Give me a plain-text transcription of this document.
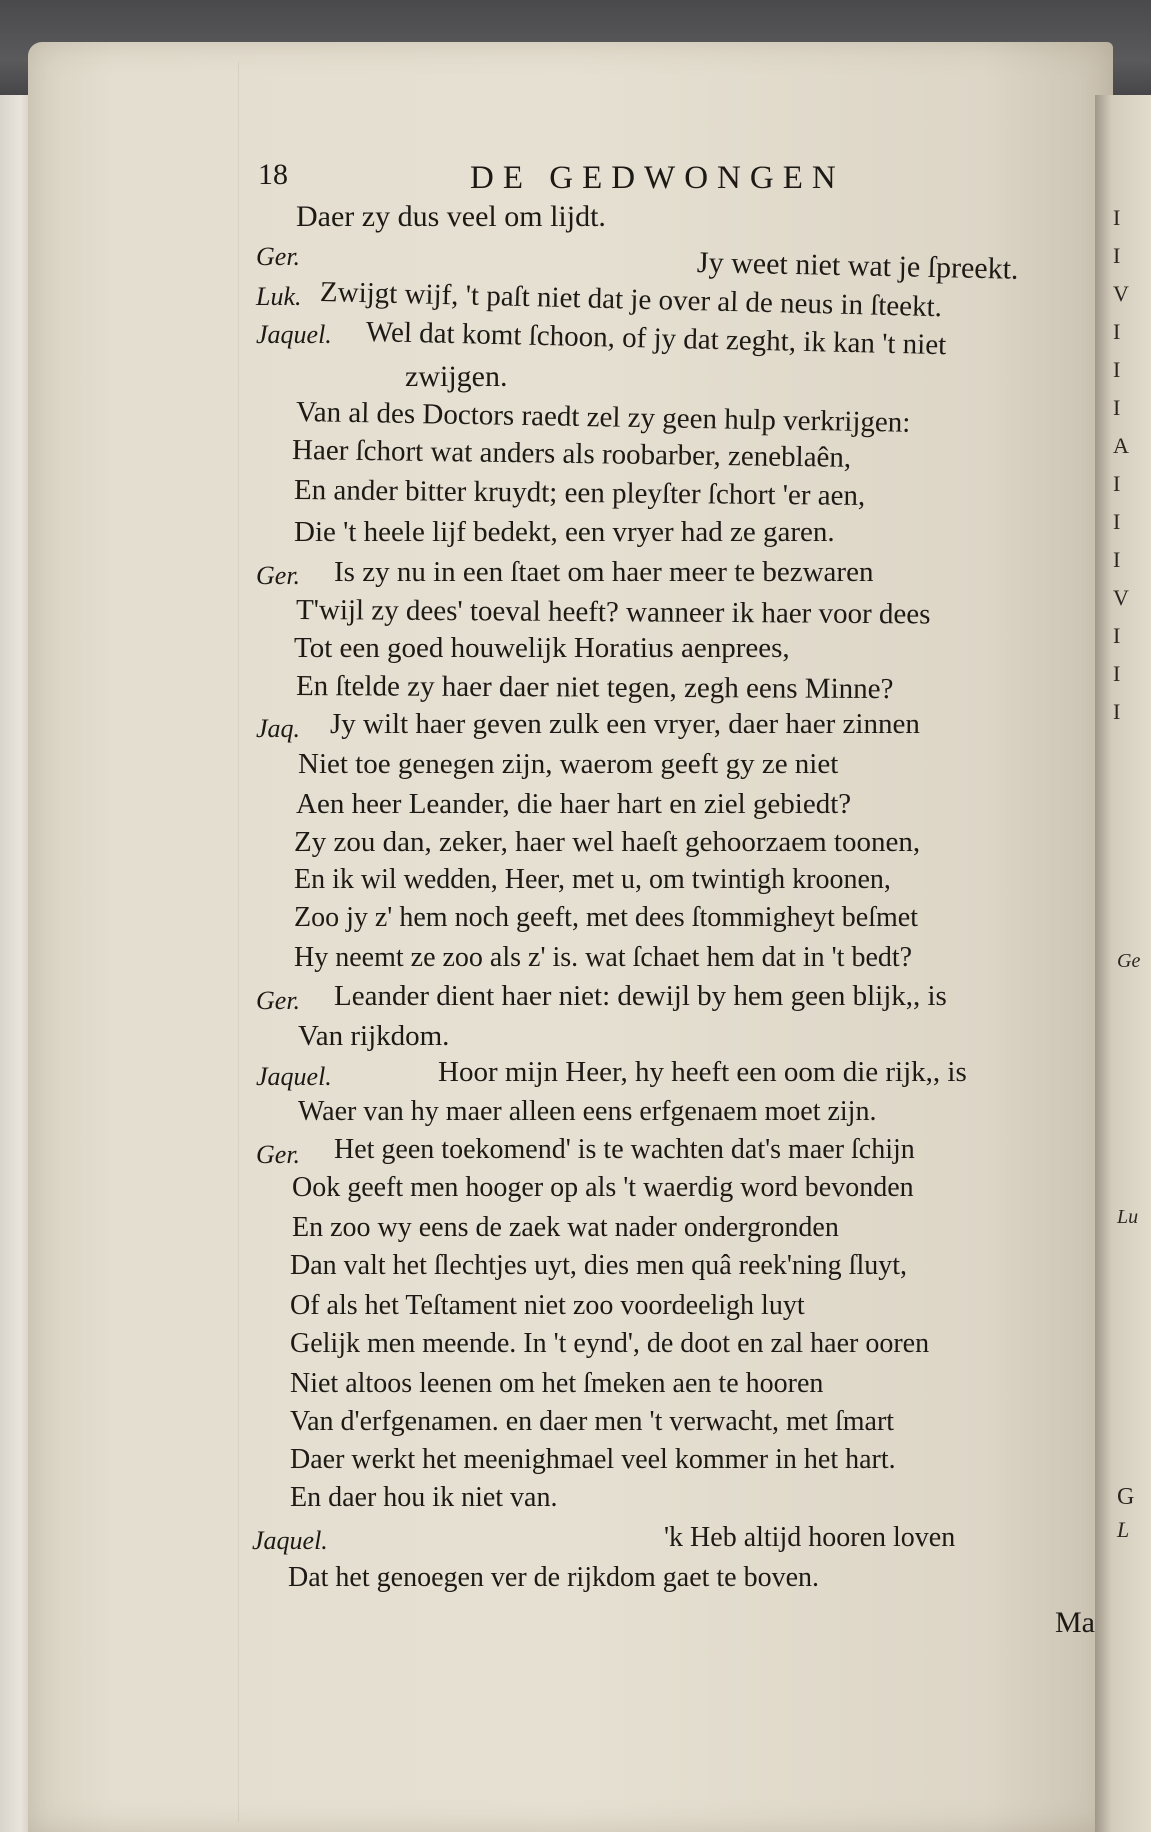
I
I
V
I
I
I
A
I
I
I
V
I
I
I
Ge
Lu
G
L
18	DE GEDWONGEN
Daer zy dus veel om lijdt.
Ger.	Jy weet niet wat je ſpreekt.
Luk. Zwijgt wijf, 't paſt niet dat je over al de neus in ſteekt.
Jaquel. Wel dat komt ſchoon, of jy dat zeght, ik kan 't niet
zwijgen.
Van al des Doctors raedt zel zy geen hulp verkrijgen:
Haer ſchort wat anders als roobarber, zeneblaên,
En ander bitter kruydt; een pleyſter ſchort 'er aen,
Die 't heele lijf bedekt, een vryer had ze garen.
Ger. Is zy nu in een ſtaet om haer meer te bezwaren
T'wijl zy dees' toeval heeft? wanneer ik haer voor dees
Tot een goed houwelijk Horatius aenprees,
En ſtelde zy haer daer niet tegen, zegh eens Minne?
Jaq. Jy wilt haer geven zulk een vryer, daer haer zinnen
Niet toe genegen zijn, waerom geeft gy ze niet
Aen heer Leander, die haer hart en ziel gebiedt?
Zy zou dan, zeker, haer wel haeſt gehoorzaem toonen,
En ik wil wedden, Heer, met u, om twintigh kroonen,
Zoo jy z' hem noch geeft, met dees ſtommigheyt beſmet
Hy neemt ze zoo als z' is. wat ſchaet hem dat in 't bedt?
Ger. Leander dient haer niet: dewijl by hem geen blijk,, is
Van rijkdom.
Jaquel.	Hoor mijn Heer, hy heeft een oom die rijk,, is
Waer van hy maer alleen eens erfgenaem moet zijn.
Ger. Het geen toekomend' is te wachten dat's maer ſchijn
Ook geeft men hooger op als 't waerdig word bevonden
En zoo wy eens de zaek wat nader ondergronden
Dan valt het ſlechtjes uyt, dies men quâ reek'ning ſluyt,
Of als het Teſtament niet zoo voordeeligh luyt
Gelijk men meende. In 't eynd', de doot en zal haer ooren
Niet altoos leenen om het ſmeken aen te hooren
Van d'erfgenamen. en daer men 't verwacht, met ſmart
Daer werkt het meenighmael veel kommer in het hart.
En daer hou ik niet van.
Jaquel.	'k Heb altijd hooren loven
Dat het genoegen ver de rijkdom gaet te boven.
Ma
